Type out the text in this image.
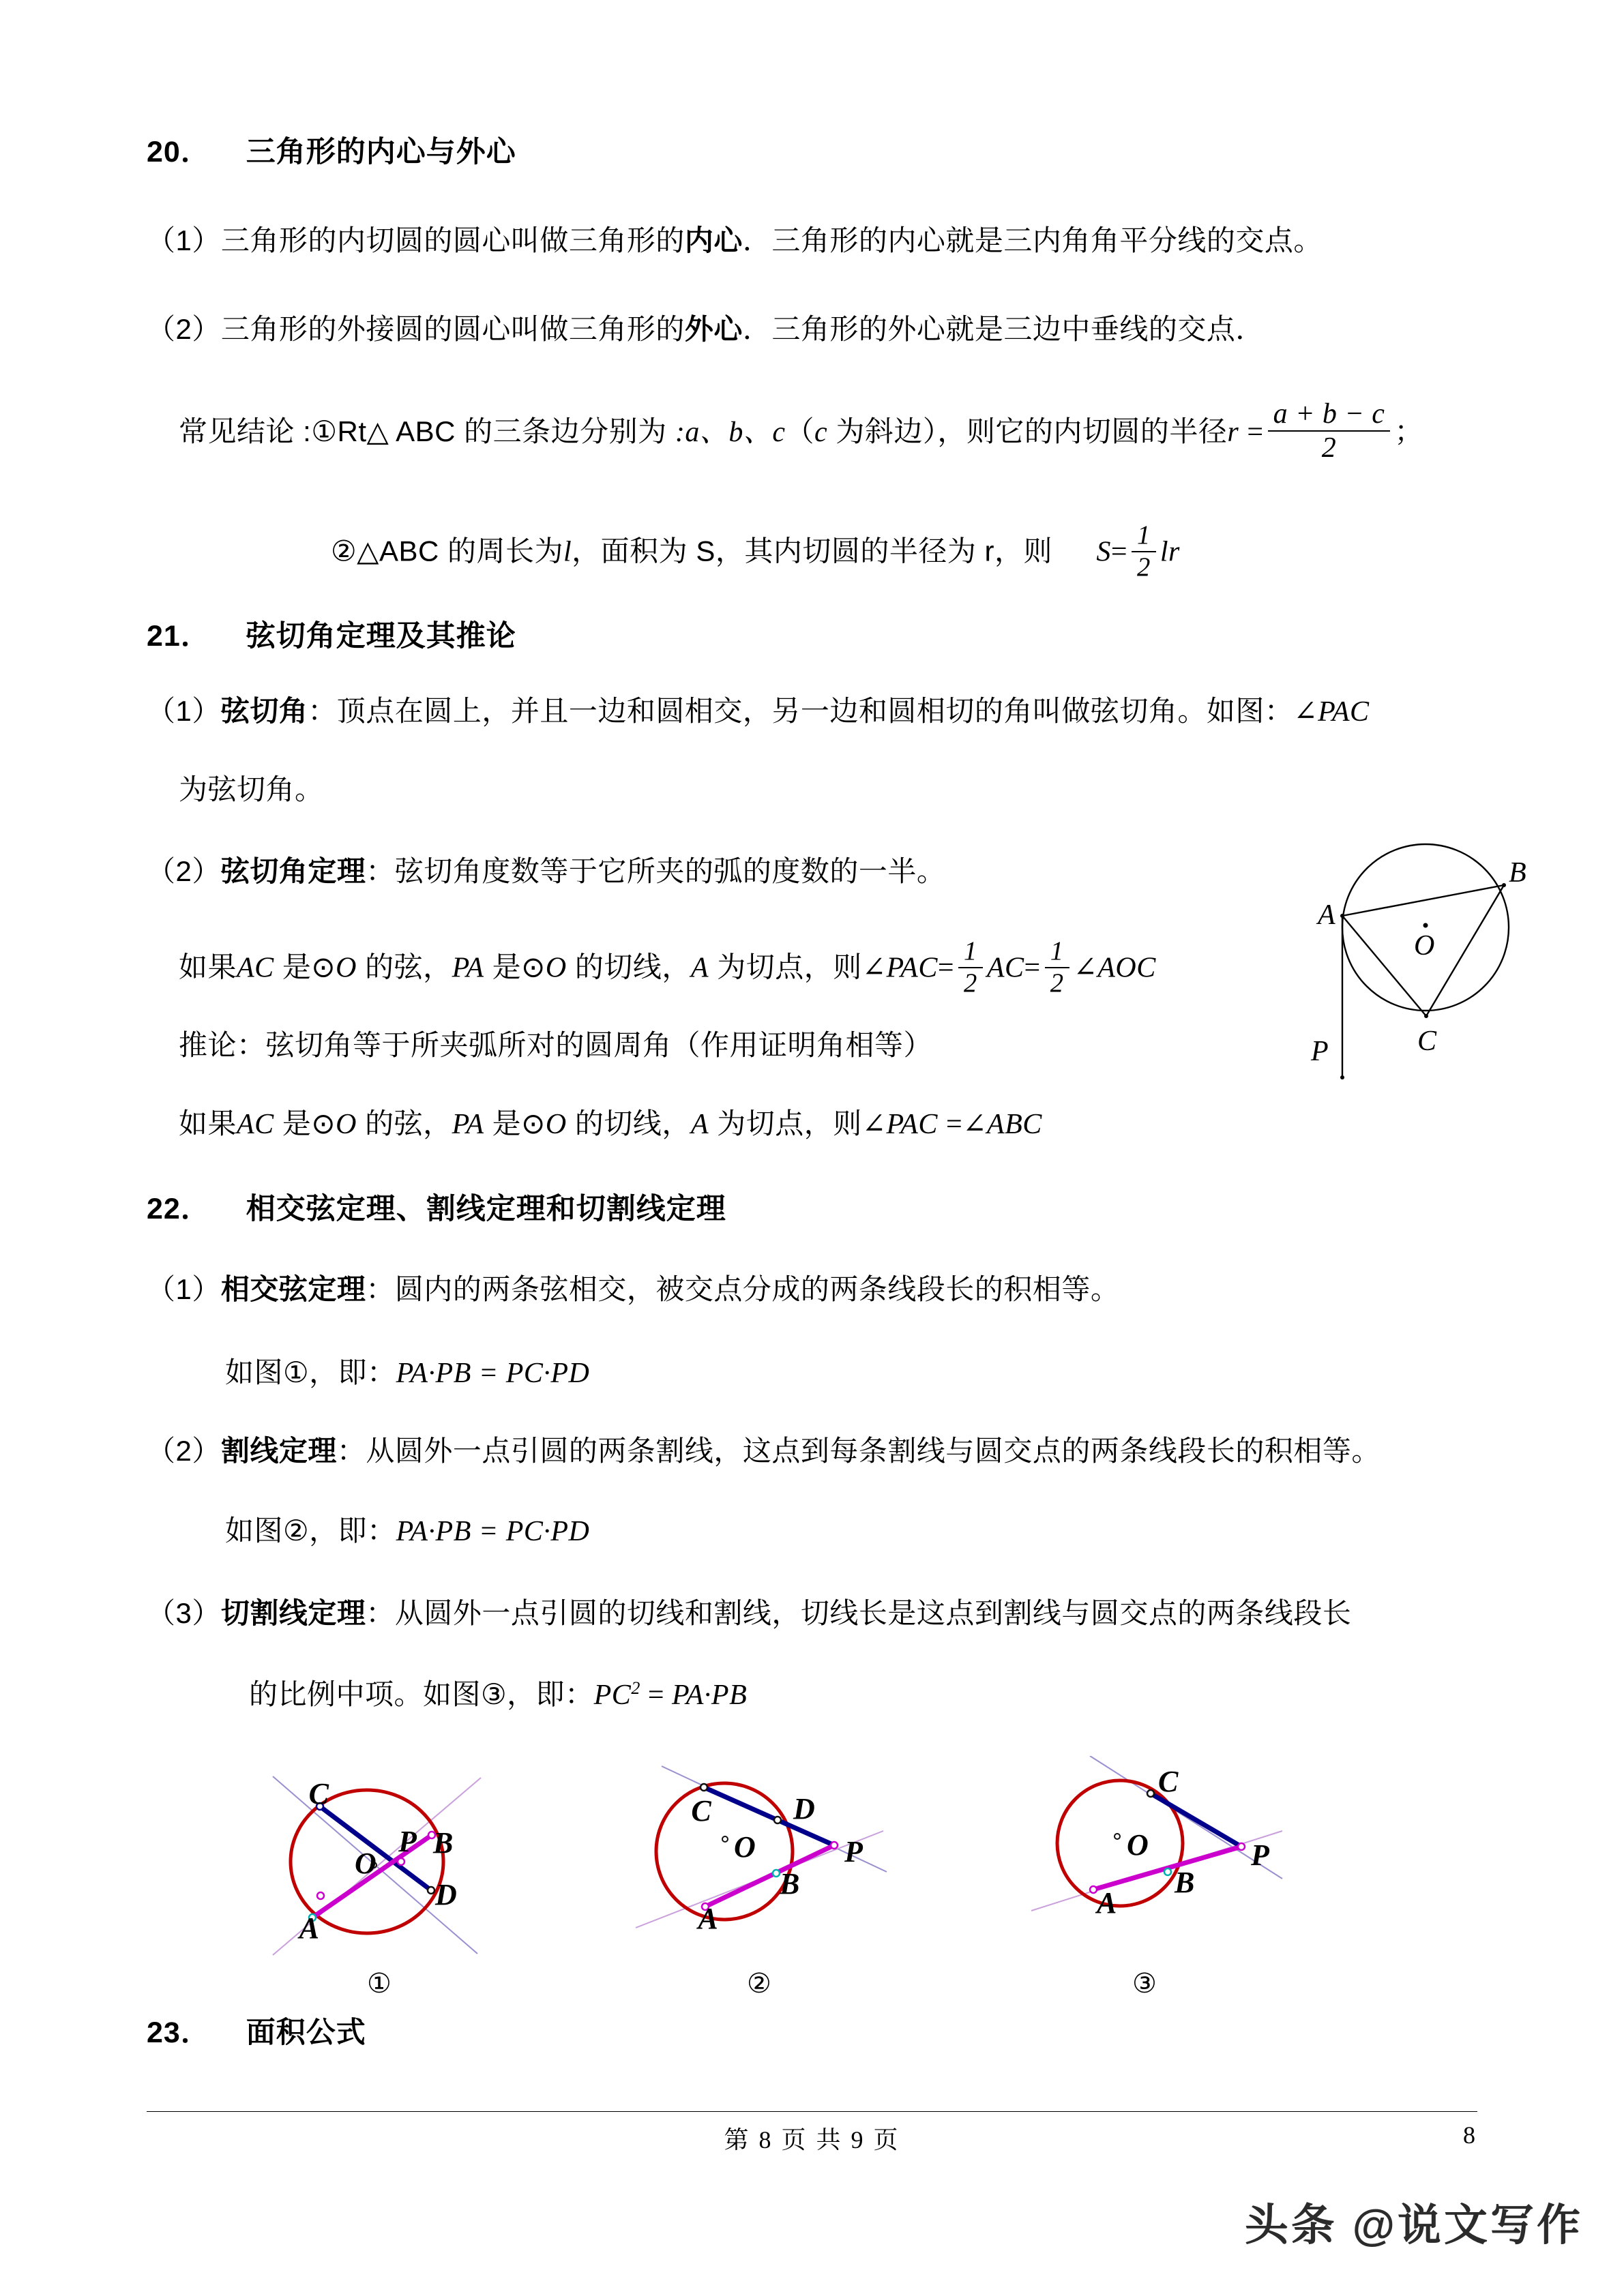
20． 三角形的内心与外心
（1）三角形的内切圆的圆心叫做三角形的内心．三角形的内心就是三内角角平分线的交点。
（2）三角形的外接圆的圆心叫做三角形的外心．三角形的外心就是三边中垂线的交点．
常见结论 :①Rt△ ABC 的三条边分别为 :a、b、c（c 为斜边），则它的内切圆的半径$r = \frac{a + b - c}{2}$ ；
②△ABC 的周长为l，面积为 S，其内切圆的半径为 r，则 $S= \frac{1}{2}$ lr
21． 弦切角定理及其推论
（1）弦切角：顶点在圆上，并且一边和圆相交，另一边和圆相切的角叫做弦切角。如图：∠PAC
为弦切角。
（2）弦切角定理：弦切角度数等于它所夹的弧的度数的一半。
如果AC 是⊙O 的弦，PA 是⊙O 的切线，A 为切点，则∠PAC= $\frac{1}{2} AC= \frac{1}{2}$ ∠AOC
推论：弦切角等于所夹弧所对的圆周角（作用证明角相等）
如果AC 是⊙O 的弦，PA 是⊙O 的切线，A 为切点，则∠PAC =∠ABC
A
B
C
O
P
22． 相交弦定理、割线定理和切割线定理
（1）相交弦定理：圆内的两条弦相交，被交点分成的两条线段长的积相等。
如图①，即：PA·PB = PC·PD
（2）割线定理：从圆外一点引圆的两条割线，这点到每条割线与圆交点的两条线段长的积相等。
如图②，即：PA·PB = PC·PD
（3）切割线定理：从圆外一点引圆的切线和割线，切线长是这点到割线与圆交点的两条线段长
的比例中项。如图③，即：$PC^2 = PA\cdot PB$
C
B
P
D
A
O
C	D
P
B
A
O
C
P
B
A
O
①	②	③
23． 面积公式
第 8 页 共 9 页	8
头条 @说文写作
